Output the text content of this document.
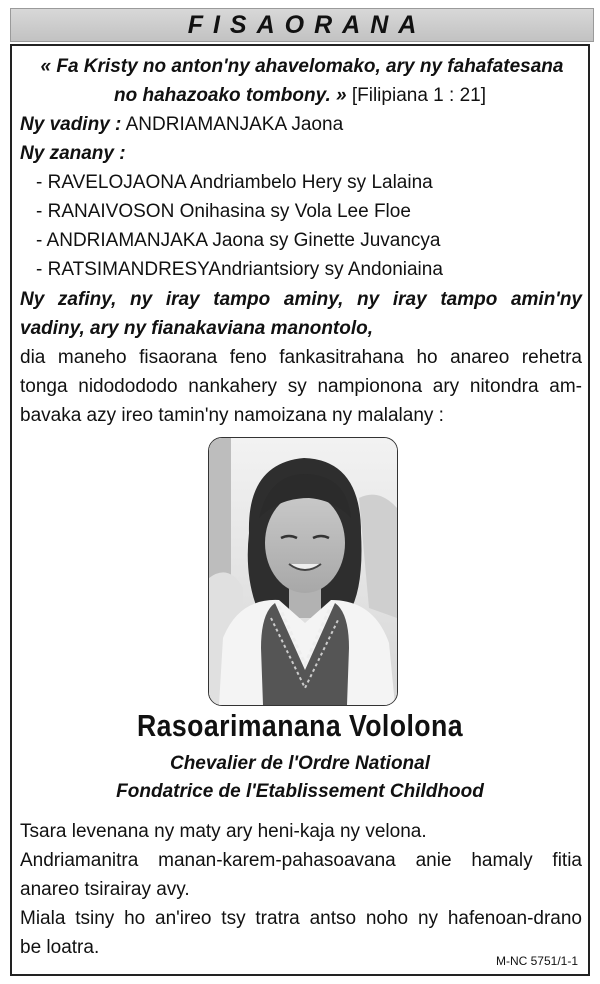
FISAORANA
« Fa Kristy no anton'ny ahavelomako, ary ny fahafatesana
no hahazoako tombony. » [Filipiana 1 : 21]
Ny vadiny : ANDRIAMANJAKA Jaona
Ny zanany :
- RAVELOJAONA Andriambelo Hery sy Lalaina
- RANAIVOSON Onihasina sy Vola Lee Floe
- ANDRIAMANJAKA Jaona sy Ginette Juvancya
- RATSIMANDRESYAndriantsiory sy Andoniaina
Ny zafiny, ny iray tampo aminy, ny iray tampo amin'ny
vadiny, ary ny fianakaviana manontolo,
dia maneho fisaorana feno fankasitrahana ho anareo rehetra
tonga nidodododo nankahery sy nampionona ary nitondra am-
bavaka azy ireo tamin'ny namoizana ny malalany :
Rasoarimanana Vololona
Chevalier de l'Ordre National
Fondatrice de l'Etablissement Childhood
Tsara levenana ny maty ary heni-kaja ny velona.
Andriamanitra manan-karem-pahasoavana anie hamaly fitia
anareo tsirairay avy.
Miala tsiny ho an'ireo tsy tratra antso noho ny hafenoan-drano
be loatra.
M-NC 5751/1-1
